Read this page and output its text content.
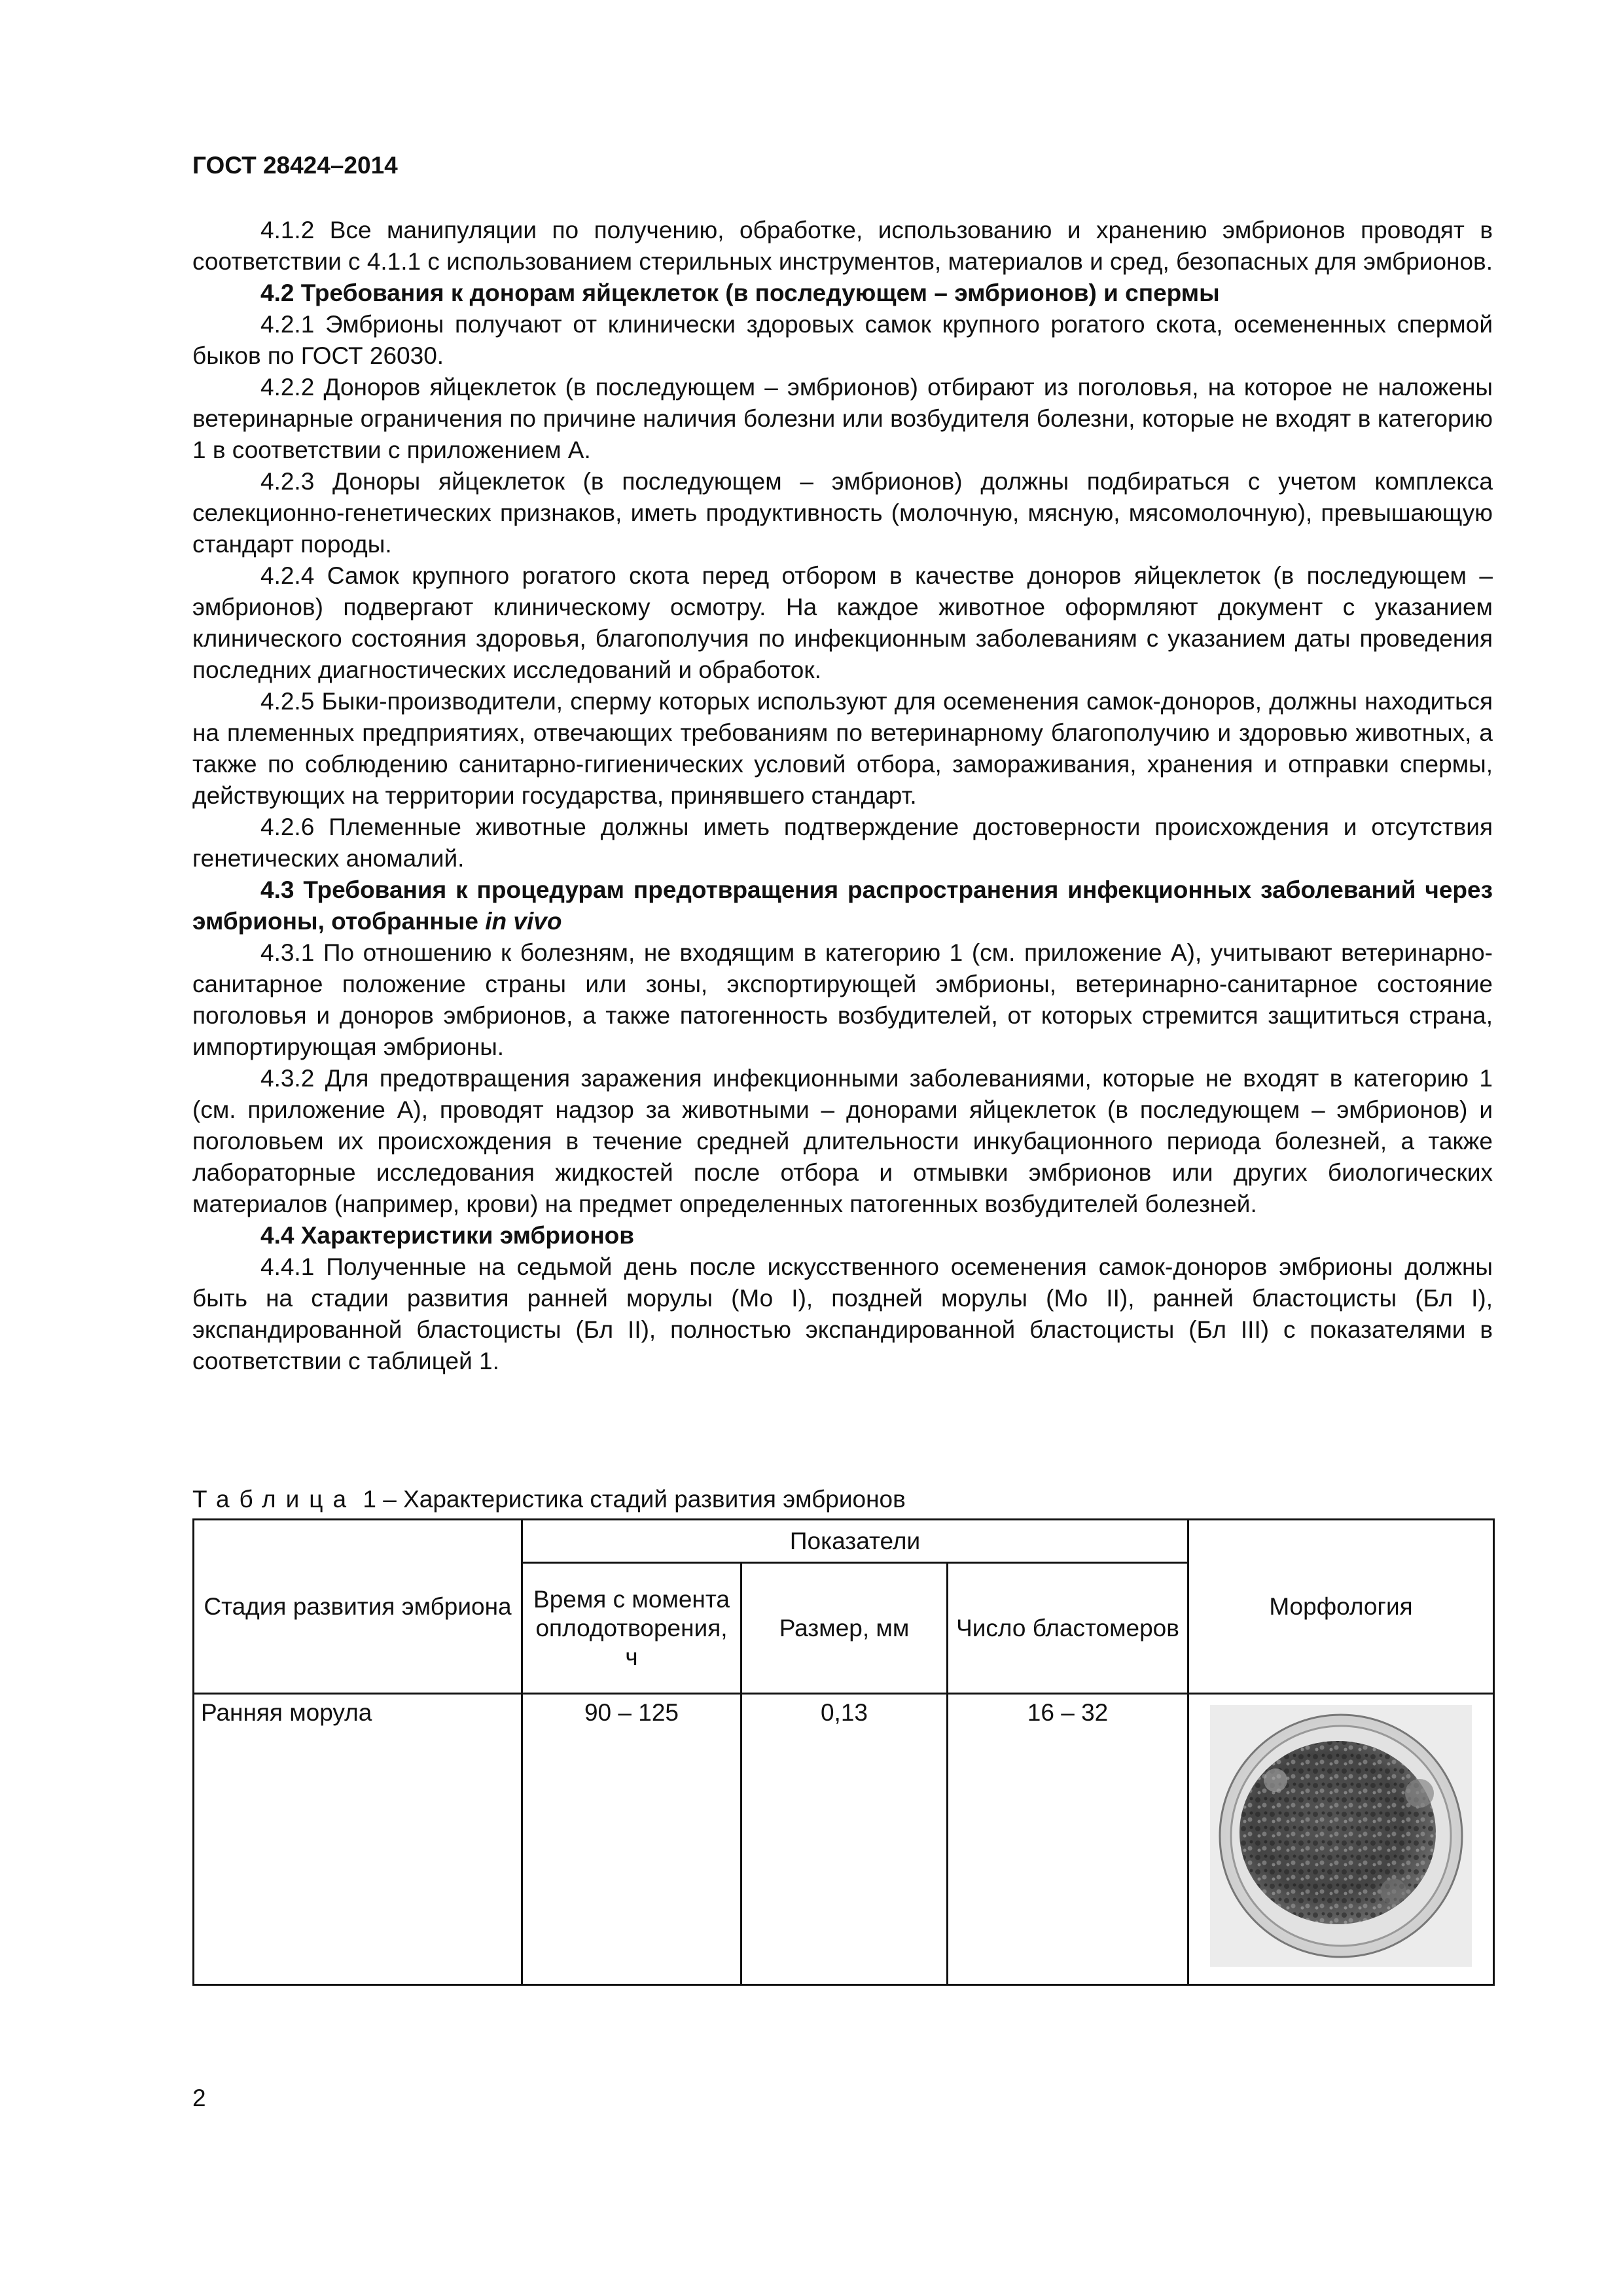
ГОСТ 28424–2014

4.1.2 Все манипуляции по получению, обработке, использованию и хранению эмбрионов проводят в соответствии с 4.1.1 с использованием стерильных инструментов, материалов и сред, безопасных для эмбрионов.

4.2 Требования к донорам яйцеклеток (в последующем – эмбрионов) и спермы

4.2.1 Эмбрионы получают от клинически здоровых самок крупного рогатого скота, осемененных спермой быков по ГОСТ 26030.

4.2.2 Доноров яйцеклеток (в последующем – эмбрионов) отбирают из поголовья, на которое не наложены ветеринарные ограничения по причине наличия болезни или возбудителя болезни, которые не входят в категорию 1 в соответствии с приложением А.

4.2.3 Доноры яйцеклеток (в последующем – эмбрионов) должны подбираться с учетом комплекса селекционно-генетических признаков, иметь продуктивность (молочную, мясную, мясомолочную), превышающую стандарт породы.

4.2.4 Самок крупного рогатого скота перед отбором в качестве доноров яйцеклеток (в последующем – эмбрионов) подвергают клиническому осмотру. На каждое животное оформляют документ с указанием клинического состояния здоровья, благополучия по инфекционным заболеваниям с указанием даты проведения последних диагностических исследований и обработок.

4.2.5 Быки-производители, сперму которых используют для осеменения самок-доноров, должны находиться на племенных предприятиях, отвечающих требованиям по ветеринарному благополучию и здоровью животных, а также по соблюдению санитарно-гигиенических условий отбора, замораживания, хранения и отправки спермы, действующих на территории государства, принявшего стандарт.

4.2.6 Племенные животные должны иметь подтверждение достоверности происхождения и отсутствия генетических аномалий.

4.3 Требования к процедурам предотвращения распространения инфекционных заболеваний через эмбрионы, отобранные in vivo

4.3.1 По отношению к болезням, не входящим в категорию 1 (см. приложение А), учитывают ветеринарно-санитарное положение страны или зоны, экспортирующей эмбрионы, ветеринарно-санитарное состояние поголовья и доноров эмбрионов, а также патогенность возбудителей, от которых стремится защититься страна, импортирующая эмбрионы.

4.3.2 Для предотвращения заражения инфекционными заболеваниями, которые не входят в категорию 1 (см. приложение А), проводят надзор за животными – донорами яйцеклеток (в последующем – эмбрионов) и поголовьем их происхождения в течение средней длительности инкубационного периода болезней, а также лабораторные исследования жидкостей после отбора и отмывки эмбрионов или других биологических материалов (например, крови) на предмет определенных патогенных возбудителей болезней.

4.4 Характеристики эмбрионов

4.4.1 Полученные на седьмой день после искусственного осеменения самок-доноров эмбрионы должны быть на стадии развития ранней морулы (Мо I), поздней морулы (Мо II), ранней бластоцисты (Бл I), экспандированной бластоцисты (Бл II), полностью экспандированной бластоцисты (Бл III) с показателями в соответствии с таблицей 1.

Таблица 1 – Характеристика стадий развития эмбрионов
Стадия развития эмбриона	Показатели			Морфология
	Время с момента оплодотворения, ч	Размер, мм	Число бластомеров	
Ранняя морула	90 – 125	0,13	16 – 32	
2
